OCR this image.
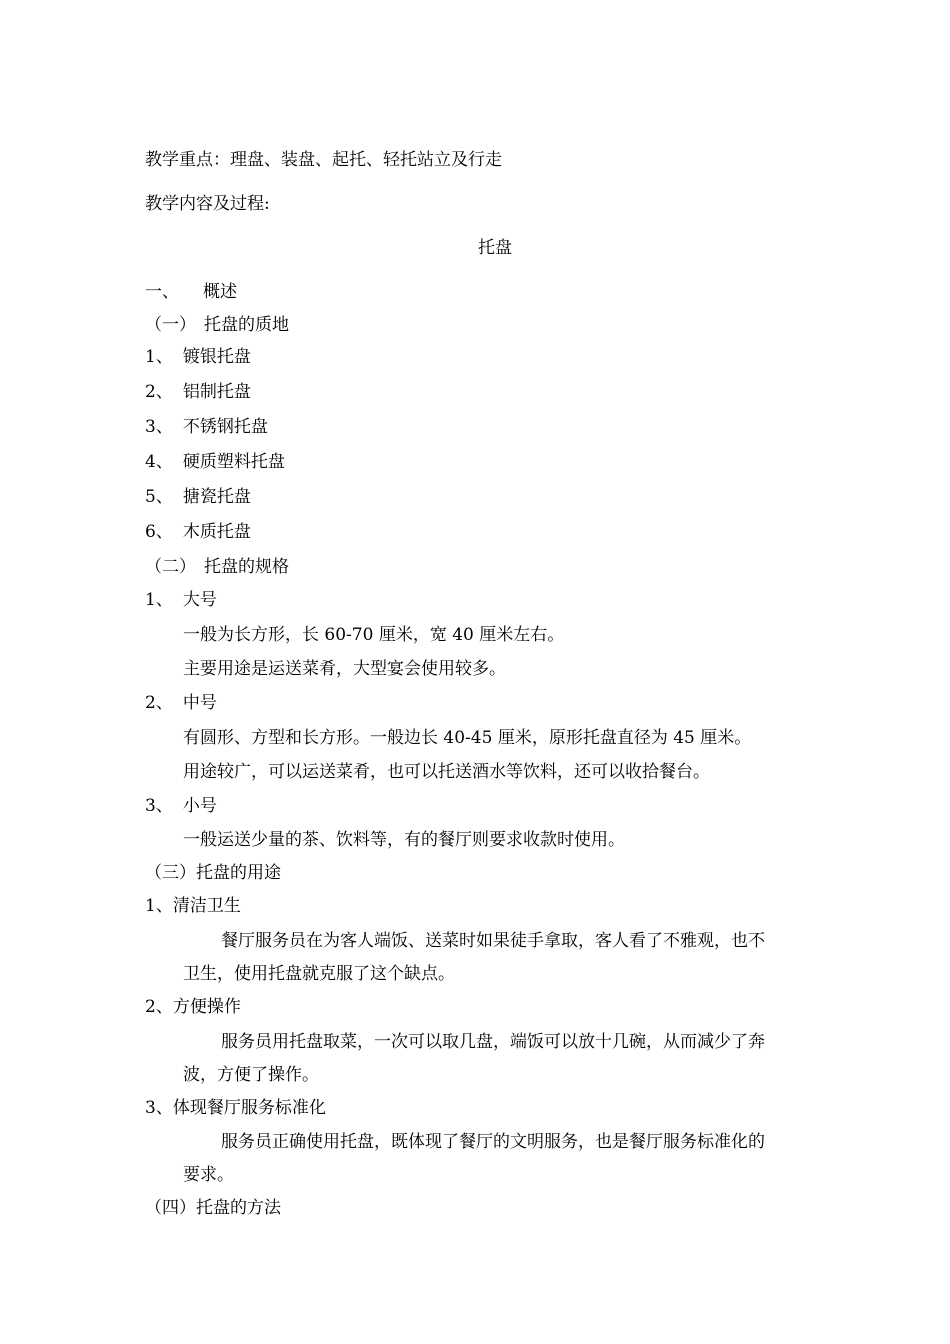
教学重点：理盘、装盘、起托、轻托站立及行走
教学内容及过程:
托盘
一、 概述
（一） 托盘的质地
1、 镀银托盘
2、 铝制托盘
3、 不锈钢托盘
4、 硬质塑料托盘
5、 搪瓷托盘
6、 木质托盘
（二） 托盘的规格
1、 大号
一般为长方形，长 60-70 厘米，宽 40 厘米左右。
主要用途是运送菜肴，大型宴会使用较多。
2、 中号
有圆形、方型和长方形。一般边长 40-45 厘米，原形托盘直径为 45 厘米。
用途较广，可以运送菜肴，也可以托送酒水等饮料，还可以收拾餐台。
3、 小号
一般运送少量的茶、饮料等，有的餐厅则要求收款时使用。
（三）托盘的用途
1、清洁卫生
餐厅服务员在为客人端饭、送菜时如果徒手拿取，客人看了不雅观，也不
卫生，使用托盘就克服了这个缺点。
2、方便操作
服务员用托盘取菜，一次可以取几盘，端饭可以放十几碗，从而减少了奔
波，方便了操作。
3、体现餐厅服务标准化
服务员正确使用托盘，既体现了餐厅的文明服务，也是餐厅服务标准化的
要求。
（四）托盘的方法
